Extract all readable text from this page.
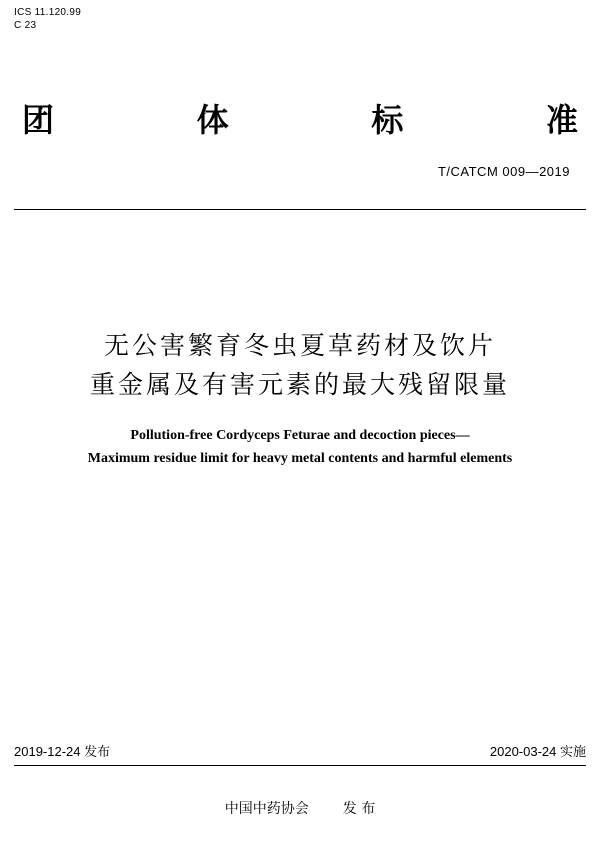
ICS 11.120.99
C 23
团	体	标	准
T/CATCM 009—2019
无公害繁育冬虫夏草药材及饮片
重金属及有害元素的最大残留限量
Pollution-free Cordyceps Feturae and decoction pieces—
Maximum residue limit for heavy metal contents and harmful elements
2019-12-24 发布	2020-03-24 实施
中国中药协会 发 布
